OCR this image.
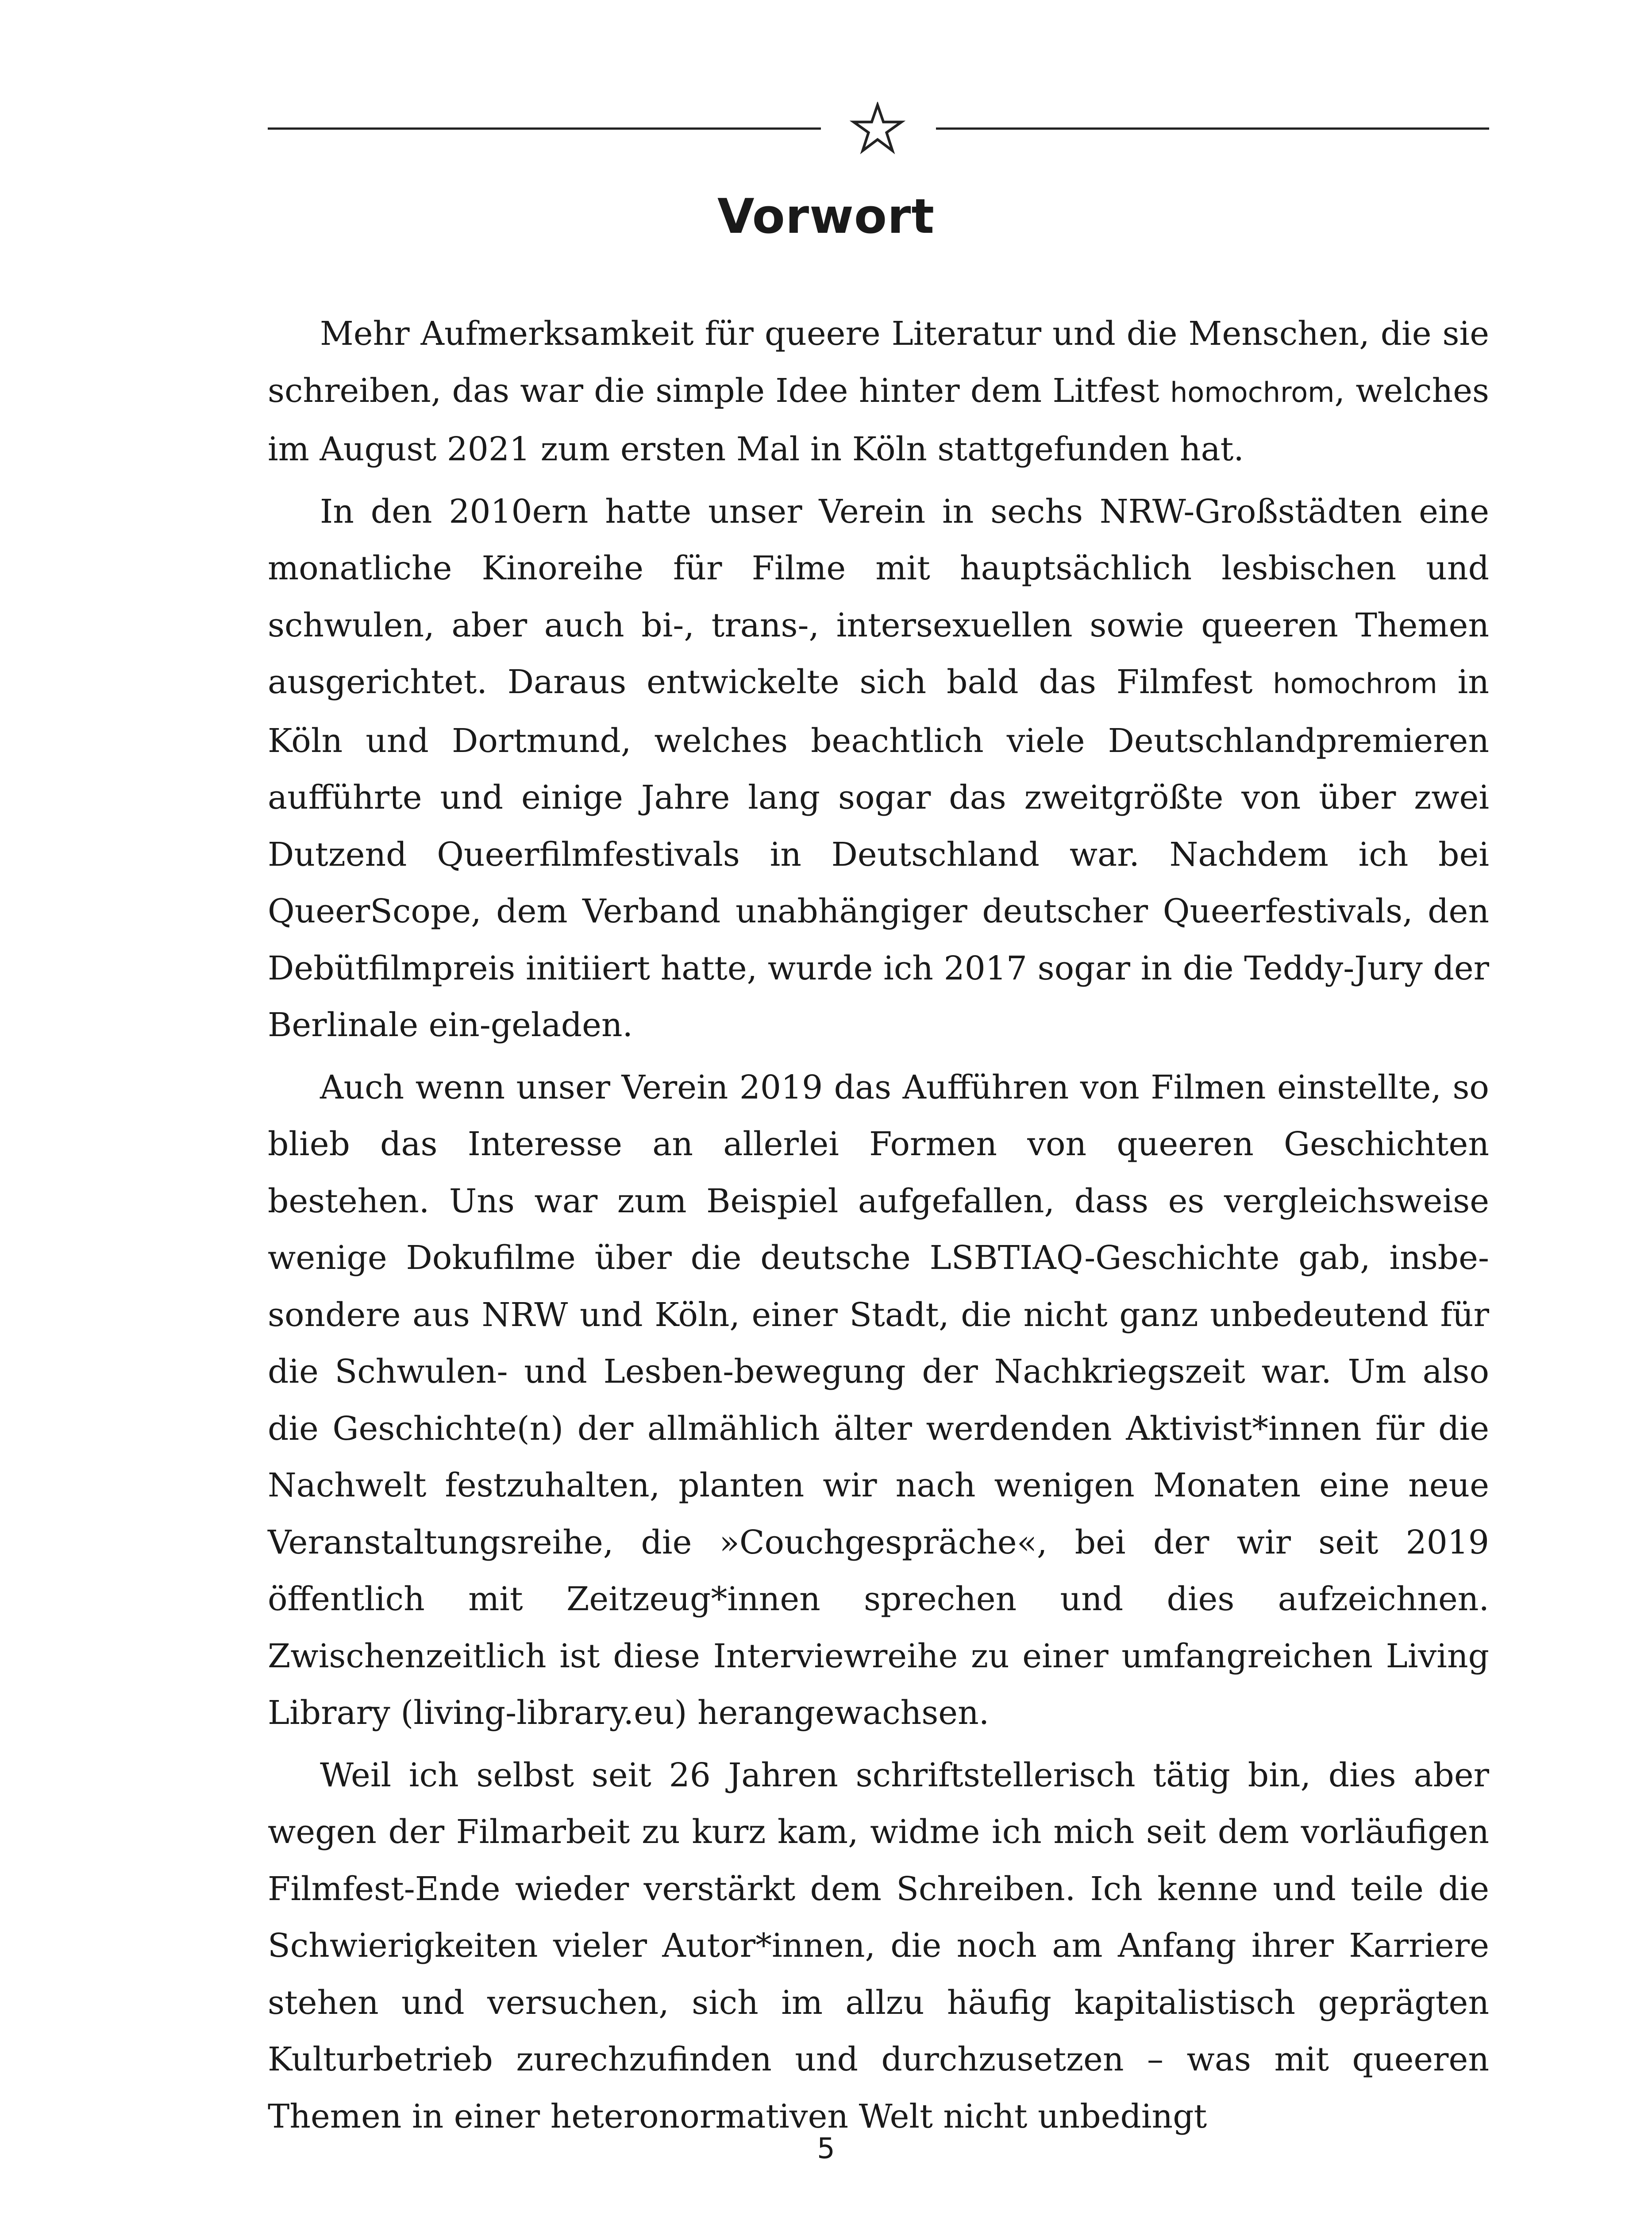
Vorwort

Mehr Aufmerksamkeit für queere Literatur und die Menschen, die sie schreiben, das war die simple Idee hinter dem Litfest homochrom, welches im August 2021 zum ersten Mal in Köln stattgefunden hat.

In den 2010ern hatte unser Verein in sechs NRW-Großstädten eine monatliche Kinoreihe für Filme mit hauptsächlich lesbischen und schwulen, aber auch bi-, trans-, intersexuellen sowie queeren Themen ausgerichtet. Daraus entwickelte sich bald das Filmfest homochrom in Köln und Dortmund, welches beachtlich viele Deutschlandpremieren aufführte und einige Jahre lang sogar das zweitgrößte von über zwei Dutzend Queerfilmfestivals in Deutschland war. Nachdem ich bei QueerScope, dem Verband unabhängiger deutscher Queerfestivals, den Debütfilmpreis initiiert hatte, wurde ich 2017 sogar in die Teddy-Jury der Berlinale ein-geladen.

Auch wenn unser Verein 2019 das Aufführen von Filmen einstellte, so blieb das Interesse an allerlei Formen von queeren Geschichten bestehen. Uns war zum Beispiel aufgefallen, dass es vergleichsweise wenige Dokufilme über die deutsche LSBTIAQ-Geschichte gab, insbesondere aus NRW und Köln, einer Stadt, die nicht ganz unbedeutend für die Schwulen- und Lesben-bewegung der Nachkriegszeit war. Um also die Geschichte(n) der allmählich älter werdenden Aktivist*innen für die Nachwelt festzuhalten, planten wir nach wenigen Monaten eine neue Veranstaltungsreihe, die »Couchgespräche«, bei der wir seit 2019 öffentlich mit Zeitzeug*innen sprechen und dies aufzeichnen. Zwischenzeitlich ist diese Interviewreihe zu einer umfangreichen Living Library (living-library.eu) herangewachsen.

Weil ich selbst seit 26 Jahren schriftstellerisch tätig bin, dies aber wegen der Filmarbeit zu kurz kam, widme ich mich seit dem vorläufigen Filmfest-Ende wieder verstärkt dem Schreiben. Ich kenne und teile die Schwierigkeiten vieler Autor*innen, die noch am Anfang ihrer Karriere stehen und versuchen, sich im allzu häufig kapitalistisch geprägten Kulturbetrieb zurechzufinden und durchzusetzen – was mit queeren Themen in einer heteronormativen Welt nicht unbedingt

5
